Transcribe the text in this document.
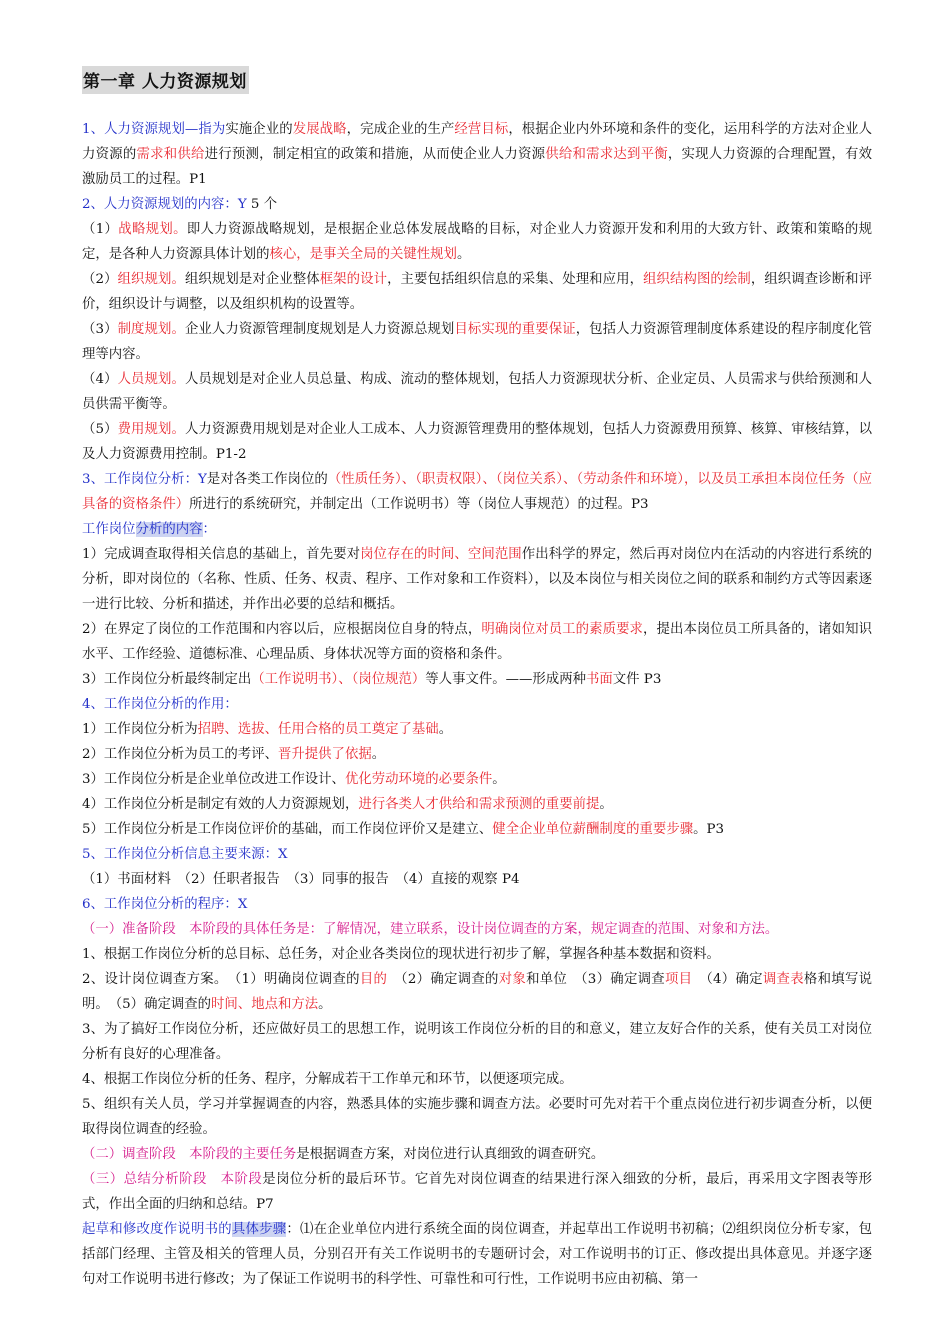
第一章 人力资源规划

1、人力资源规划—指为实施企业的发展战略，完成企业的生产经营目标，根据企业内外环境和条件的变化，运用科学的方法对企业人力资源的需求和供给进行预测，制定相宜的政策和措施，从而使企业人力资源供给和需求达到平衡，实现人力资源的合理配置，有效激励员工的过程。P1

2、人力资源规划的内容：Y 5 个

（1）战略规划。即人力资源战略规划，是根据企业总体发展战略的目标，对企业人力资源开发和利用的大致方针、政策和策略的规定，是各种人力资源具体计划的核心，是事关全局的关键性规划。

（2）组织规划。组织规划是对企业整体框架的设计，主要包括组织信息的采集、处理和应用，组织结构图的绘制，组织调查诊断和评价，组织设计与调整，以及组织机构的设置等。

（3）制度规划。企业人力资源管理制度规划是人力资源总规划目标实现的重要保证，包括人力资源管理制度体系建设的程序制度化管理等内容。

（4）人员规划。人员规划是对企业人员总量、构成、流动的整体规划，包括人力资源现状分析、企业定员、人员需求与供给预测和人员供需平衡等。

（5）费用规划。人力资源费用规划是对企业人工成本、人力资源管理费用的整体规划，包括人力资源费用预算、核算、审核结算，以及人力资源费用控制。P1-2

3、工作岗位分析：Y是对各类工作岗位的（性质任务）、（职责权限）、（岗位关系）、（劳动条件和环境），以及员工承担本岗位任务（应具备的资格条件）所进行的系统研究，并制定出（工作说明书）等（岗位人事规范）的过程。P3

工作岗位分析的内容：

1）完成调查取得相关信息的基础上，首先要对岗位存在的时间、空间范围作出科学的界定，然后再对岗位内在活动的内容进行系统的分析，即对岗位的（名称、性质、任务、权责、程序、工作对象和工作资料），以及本岗位与相关岗位之间的联系和制约方式等因素逐一进行比较、分析和描述，并作出必要的总结和概括。

2）在界定了岗位的工作范围和内容以后，应根据岗位自身的特点，明确岗位对员工的素质要求，提出本岗位员工所具备的，诸如知识水平、工作经验、道德标准、心理品质、身体状况等方面的资格和条件。

3）工作岗位分析最终制定出（工作说明书）、（岗位规范）等人事文件。——形成两种书面文件 P3

4、工作岗位分析的作用：

1）工作岗位分析为招聘、选拔、任用合格的员工奠定了基础。

2）工作岗位分析为员工的考评、晋升提供了依据。

3）工作岗位分析是企业单位改进工作设计、优化劳动环境的必要条件。

4）工作岗位分析是制定有效的人力资源规划，进行各类人才供给和需求预测的重要前提。

5）工作岗位分析是工作岗位评价的基础，而工作岗位评价又是建立、健全企业单位薪酬制度的重要步骤。P3

5、工作岗位分析信息主要来源：X

（1）书面材料　（2）任职者报告　（3）同事的报告　（4）直接的观察 P4

6、工作岗位分析的程序：X

（一）准备阶段　本阶段的具体任务是：了解情况，建立联系，设计岗位调查的方案，规定调查的范围、对象和方法。

1、根据工作岗位分析的总目标、总任务，对企业各类岗位的现状进行初步了解，掌握各种基本数据和资料。

2、设计岗位调查方案。　（1）明确岗位调查的目的　（2）确定调查的对象和单位　（3）确定调查项目　（4）确定调查表格和填写说明。　（5）确定调查的时间、地点和方法。

3、为了搞好工作岗位分析，还应做好员工的思想工作，说明该工作岗位分析的目的和意义，建立友好合作的关系，使有关员工对岗位分析有良好的心理准备。

4、根据工作岗位分析的任务、程序，分解成若干工作单元和环节，以便逐项完成。

5、组织有关人员，学习并掌握调查的内容，熟悉具体的实施步骤和调查方法。必要时可先对若干个重点岗位进行初步调查分析，以便取得岗位调查的经验。

（二）调查阶段　本阶段的主要任务是根据调查方案，对岗位进行认真细致的调查研究。

（三）总结分析阶段　本阶段是岗位分析的最后环节。它首先对岗位调查的结果进行深入细致的分析，最后，再采用文字图表等形式，作出全面的归纳和总结。P7

起草和修改度作说明书的具体步骤：⑴在企业单位内进行系统全面的岗位调查，并起草出工作说明书初稿；⑵组织岗位分析专家，包括部门经理、主管及相关的管理人员，分别召开有关工作说明书的专题研讨会，对工作说明书的订正、修改提出具体意见。并逐字逐句对工作说明书进行修改；为了保证工作说明书的科学性、可靠性和可行性，工作说明书应由初稿、第一
